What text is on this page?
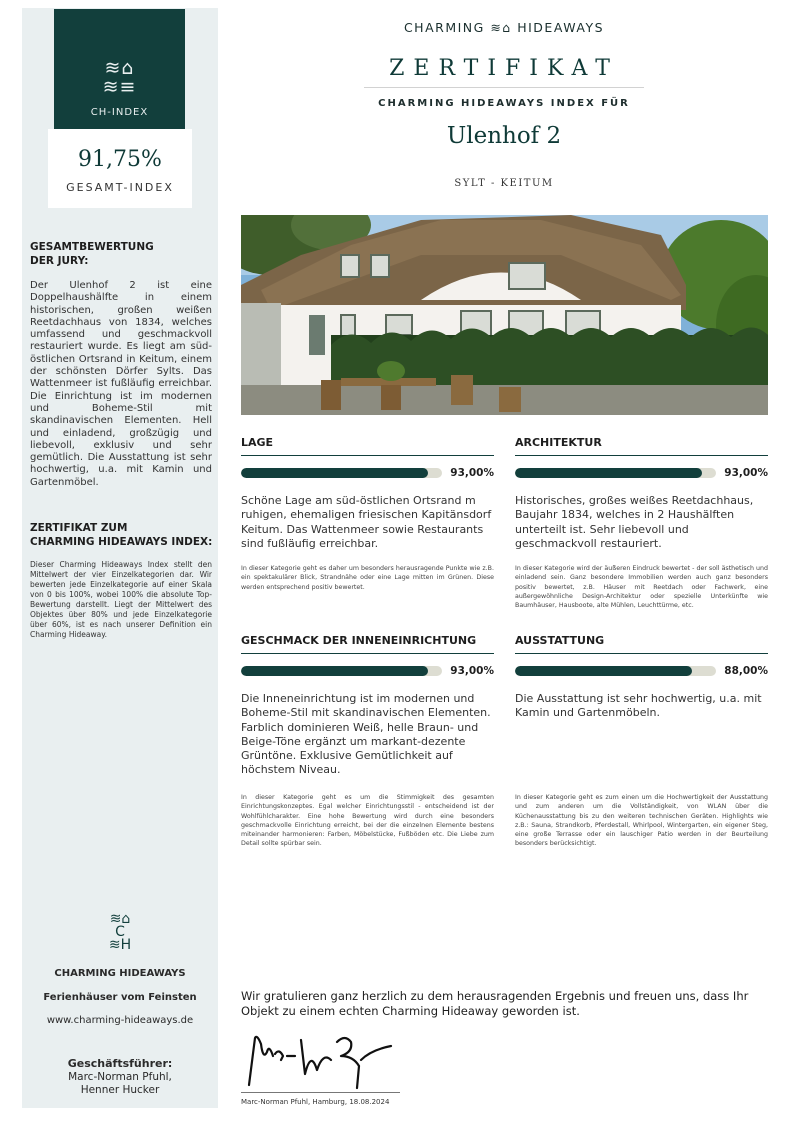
≋⌂
≋≡
CH-INDEX
91,75%
GESAMT-INDEX
GESAMTBEWERTUNG
DER JURY:
Der Ulenhof 2 ist eine Doppelhaushälfte in einem historischen, großen weißen Reetdachhaus von 1834, welches umfassend und geschmackvoll restauriert wurde. Es liegt am süd-östlichen Ortsrand in Keitum, einem der schönsten Dörfer Sylts. Das Wattenmeer ist fußläufig erreichbar. Die Einrichtung ist im modernen und Boheme-Stil mit skandinavischen Elementen. Hell und einladend, großzügig und liebevoll, exklusiv und sehr gemütlich. Die Ausstattung ist sehr hochwertig, u.a. mit Kamin und Gartenmöbel.
ZERTIFIKAT ZUM
CHARMING HIDEAWAYS INDEX:
Dieser Charming Hideaways Index stellt den Mittelwert der vier Einzelkategorien dar. Wir bewerten jede Einzelkategorie auf einer Skala von 0 bis 100%, wobei 100% die absolute Top-Bewertung darstellt. Liegt der Mittelwert des Objektes über 80% und jede Einzelkategorie über 60%, ist es nach unserer Definition ein Charming Hideaway.
≋⌂
C
≋H
CHARMING HIDEAWAYS
Ferienhäuser vom Feinsten
www.charming-hideaways.de
Geschäftsführer:
Marc-Norman Pfuhl,
Henner Hucker
CHARMING ≋⌂ HIDEAWAYS
ZERTIFIKAT
CHARMING HIDEAWAYS INDEX FÜR
Ulenhof 2
SYLT - KEITUM
LAGE
93,00%
Schöne Lage am süd-östlichen Ortsrand m ruhigen, ehemaligen friesischen Kapitänsdorf Keitum. Das Wattenmeer sowie Restaurants sind fußläufig erreichbar.
In dieser Kategorie geht es daher um besonders herausragende Punkte wie z.B. ein spektakulärer Blick, Strandnähe oder eine Lage mitten im Grünen. Diese werden entsprechend positiv bewertet.
ARCHITEKTUR
93,00%
Historisches, großes weißes Reetdachhaus, Baujahr 1834, welches in 2 Haushälften unterteilt ist. Sehr liebevoll und geschmackvoll restauriert.
In dieser Kategorie wird der äußeren Eindruck bewertet - der soll ästhetisch und einladend sein. Ganz besondere Immobilien werden auch ganz besonders positiv bewertet, z.B. Häuser mit Reetdach oder Fachwerk, eine außergewöhnliche Design-Architektur oder spezielle Unterkünfte wie Baumhäuser, Hausboote, alte Mühlen, Leuchttürme, etc.
GESCHMACK DER INNENEINRICHTUNG
93,00%
Die Inneneinrichtung ist im modernen und Boheme-Stil mit skandinavischen Elementen. Farblich dominieren Weiß, helle Braun- und Beige-Töne ergänzt um markant-dezente Grüntöne. Exklusive Gemütlichkeit auf höchstem Niveau.
In dieser Kategorie geht es um die Stimmigkeit des gesamten Einrichtungskonzeptes. Egal welcher Einrichtungsstil - entscheidend ist der Wohlfühlcharakter. Eine hohe Bewertung wird durch eine besonders geschmackvolle Einrichtung erreicht, bei der die einzelnen Elemente bestens miteinander harmonieren: Farben, Möbelstücke, Fußböden etc. Die Liebe zum Detail sollte spürbar sein.
AUSSTATTUNG
88,00%
Die Ausstattung ist sehr hochwertig, u.a. mit Kamin und Gartenmöbeln.
In dieser Kategorie geht es zum einen um die Hochwertigkeit der Ausstattung und zum anderen um die Vollständigkeit, von WLAN über die Küchenausstattung bis zu den weiteren technischen Geräten. Highlights wie z.B.: Sauna, Strandkorb, Pferdestall, Whirlpool, Wintergarten, ein eigener Steg, eine große Terrasse oder ein lauschiger Patio werden in der Beurteilung besonders berücksichtigt.
Wir gratulieren ganz herzlich zu dem herausragenden Ergebnis und freuen uns, dass Ihr Objekt zu einem echten Charming Hideaway geworden ist.
Marc-Norman Pfuhl, Hamburg, 18.08.2024
